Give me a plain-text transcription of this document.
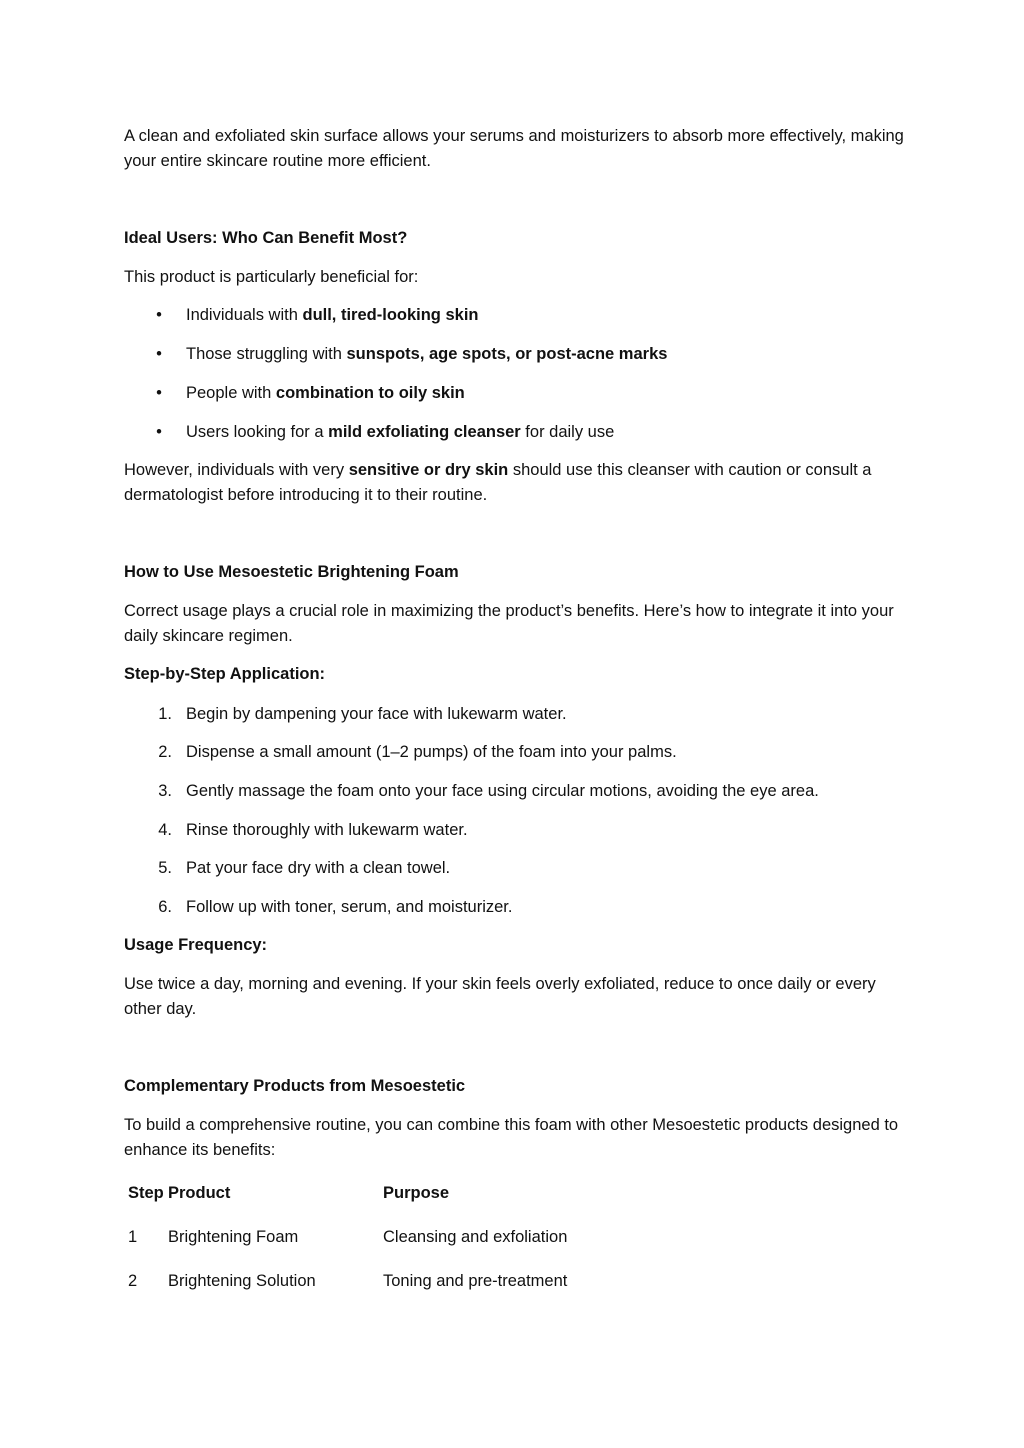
A clean and exfoliated skin surface allows your serums and moisturizers to absorb more effectively, making your entire skincare routine more efficient.

Ideal Users: Who Can Benefit Most?

This product is particularly beneficial for:

• Individuals with dull, tired-looking skin
• Those struggling with sunspots, age spots, or post-acne marks
• People with combination to oily skin
• Users looking for a mild exfoliating cleanser for daily use

However, individuals with very sensitive or dry skin should use this cleanser with caution or consult a dermatologist before introducing it to their routine.

How to Use Mesoestetic Brightening Foam

Correct usage plays a crucial role in maximizing the product’s benefits. Here’s how to integrate it into your daily skincare regimen.

Step-by-Step Application:

1. Begin by dampening your face with lukewarm water.
2. Dispense a small amount (1–2 pumps) of the foam into your palms.
3. Gently massage the foam onto your face using circular motions, avoiding the eye area.
4. Rinse thoroughly with lukewarm water.
5. Pat your face dry with a clean towel.
6. Follow up with toner, serum, and moisturizer.

Usage Frequency:

Use twice a day, morning and evening. If your skin feels overly exfoliated, reduce to once daily or every other day.

Complementary Products from Mesoestetic

To build a comprehensive routine, you can combine this foam with other Mesoestetic products designed to enhance its benefits:

Step Product	Purpose
1 Brightening Foam	Cleansing and exfoliation
2 Brightening Solution	Toning and pre-treatment
